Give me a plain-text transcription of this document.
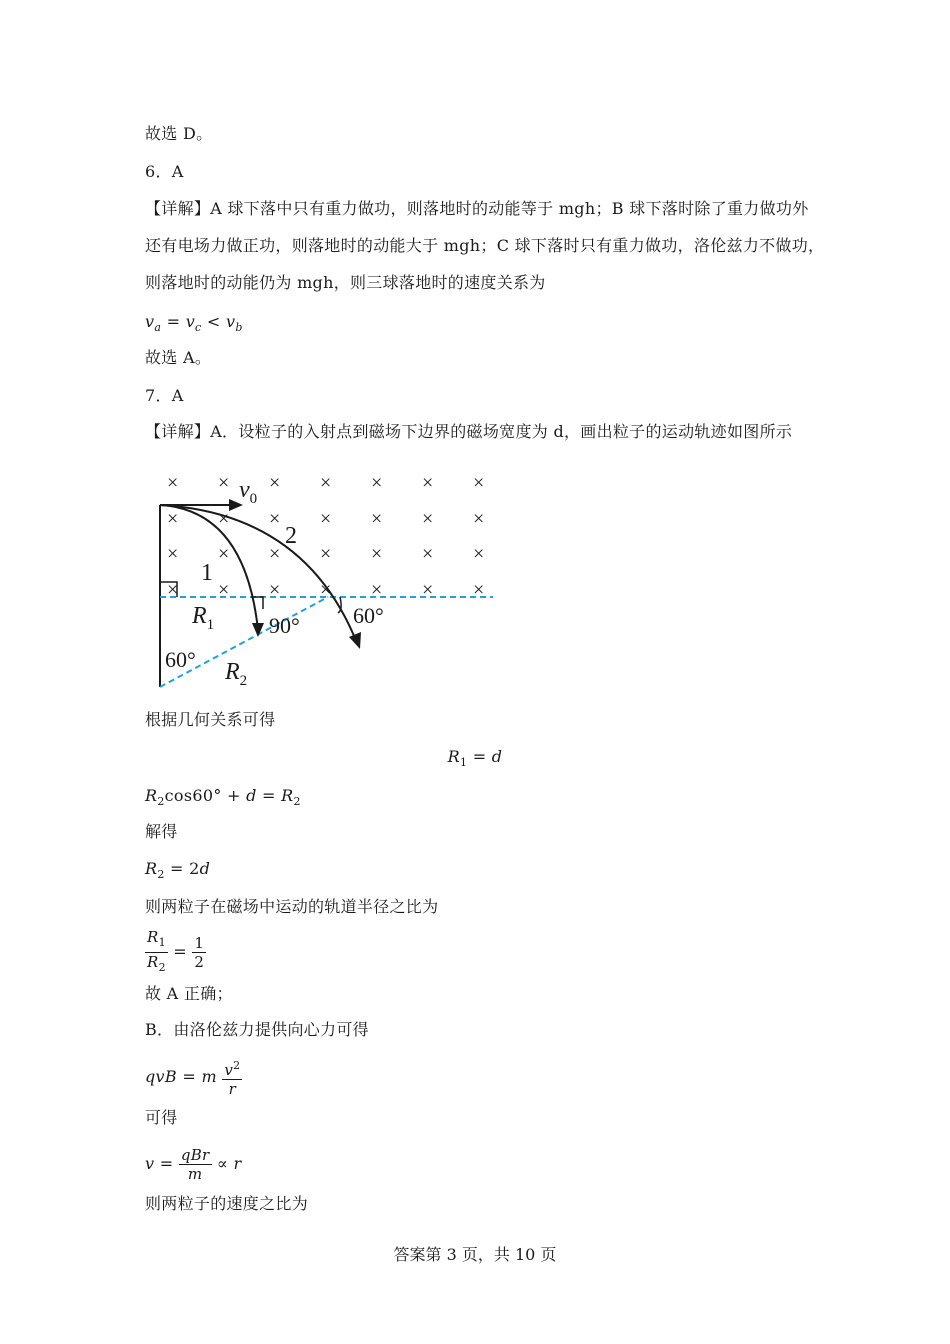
故选 D。
6．A
【详解】A 球下落中只有重力做功，则落地时的动能等于 mgh；B 球下落时除了重力做功外
还有电场力做正功，则落地时的动能大于 mgh；C 球下落时只有重力做功，洛伦兹力不做功，
则落地时的动能仍为 mgh，则三球落地时的速度关系为
$v_a = v_c < v_b$
故选 A。
7．A
【详解】A．设粒子的入射点到磁场下边界的磁场宽度为 d，画出粒子的运动轨迹如图所示
×	× × × × ×
× × × × × × ×
× × × × × × ×
× × × × × × ×
× $v_0$
2
1
$R_1$ 90° 60°
60° $R_2$
根据几何关系可得
$R_1 = d$
$R_2\cos 60^\circ + d = R_2$
解得
$R_2 = 2d$
则两粒子在磁场中运动的轨道半径之比为
$\frac{R_1}{R_2} = \frac{1}{2}$
故 A 正确；
B．由洛伦兹力提供向心力可得
qvB = m $\frac{v^2}{r}$
可得
$v = \frac{\text{qBr}}{m} \propto r$
则两粒子的速度之比为
答案第 3 页，共 10 页
